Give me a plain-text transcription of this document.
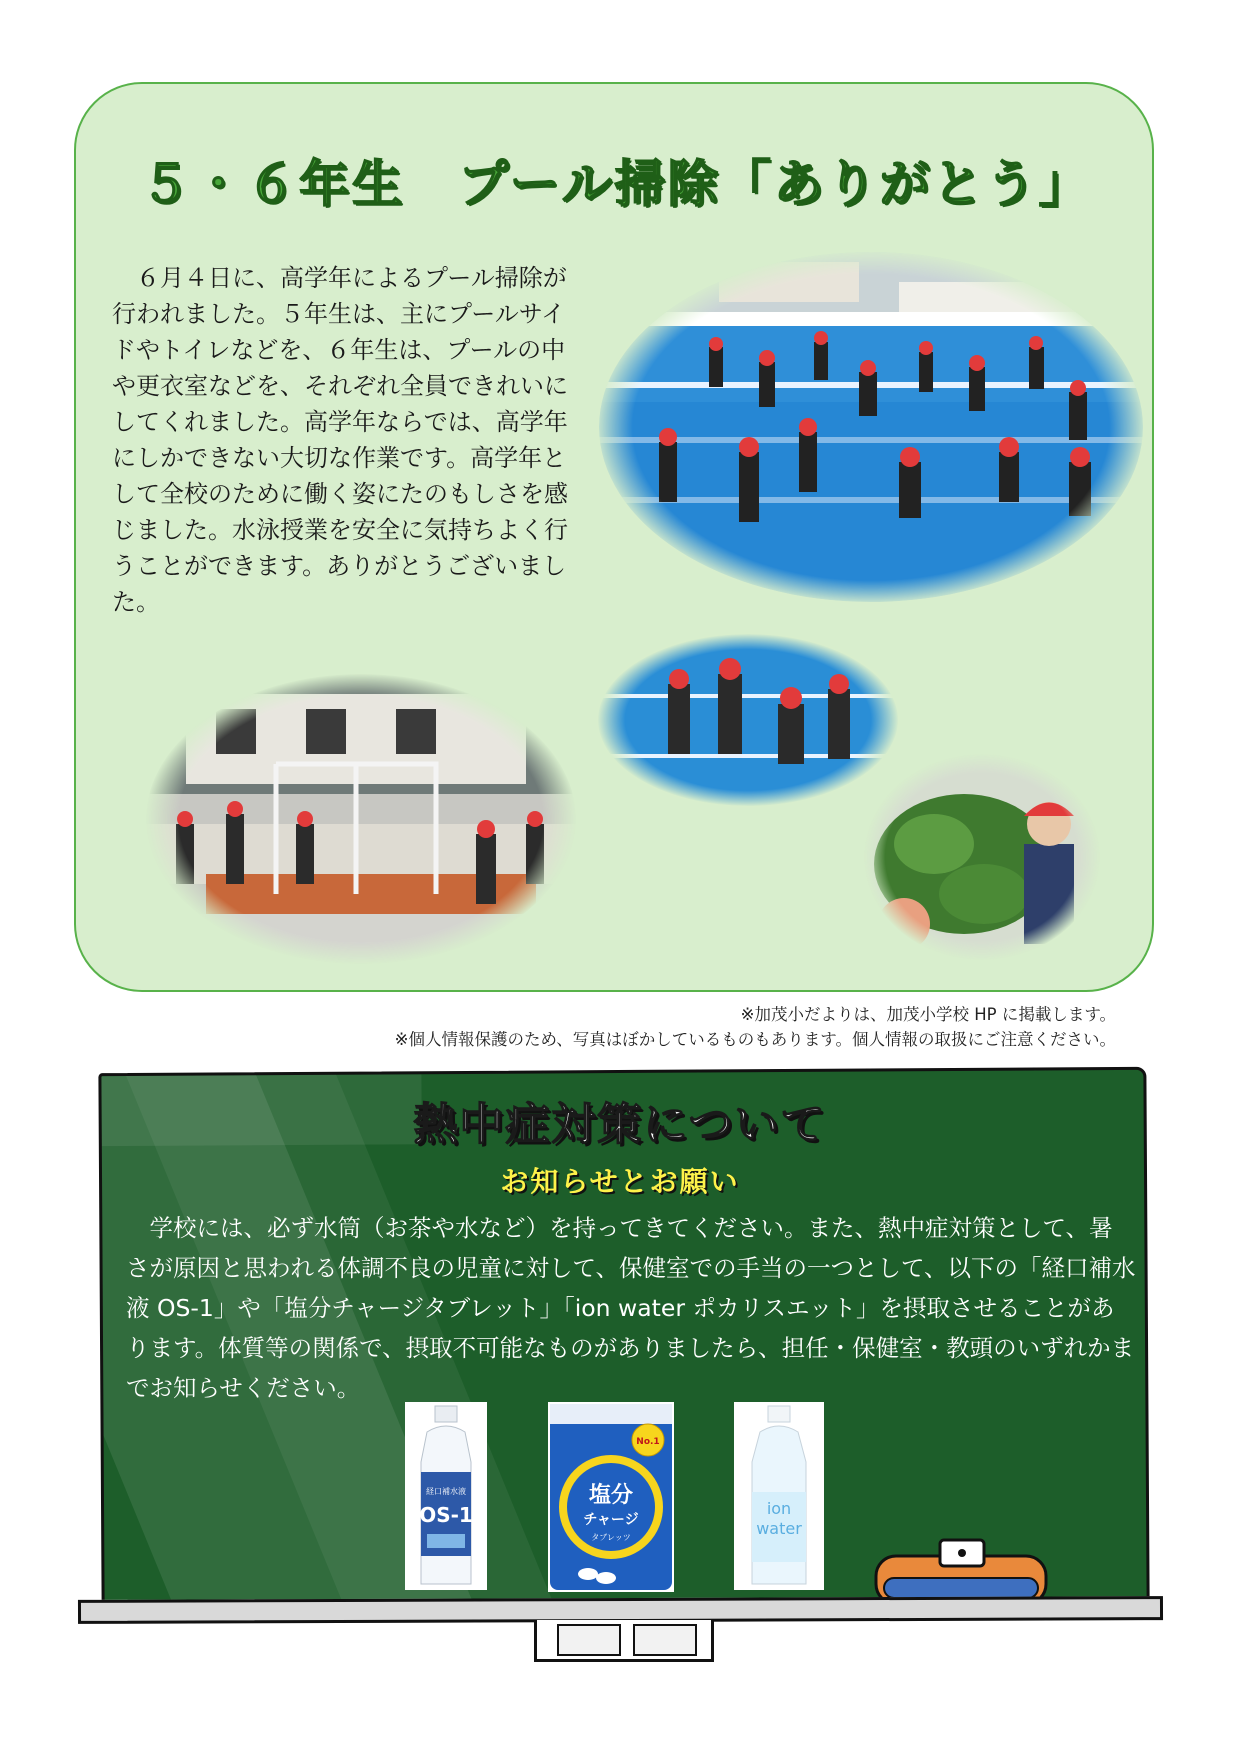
５・６年生　プール掃除「ありがとう」

６月４日に、高学年によるプール掃除が行われました。５年生は、主にプールサイドやトイレなどを、６年生は、プールの中や更衣室などを、それぞれ全員できれいにしてくれました。高学年ならでは、高学年にしかできない大切な作業です。高学年として全校のために働く姿にたのもしさを感じました。水泳授業を安全に気持ちよく行うことができます。ありがとうございました。

※加茂小だよりは、加茂小学校 HP に掲載します。
※個人情報保護のため、写真はぼかしているものもあります。個人情報の取扱にご注意ください。
熱中症対策について
お知らせとお願い

学校には、必ず水筒（お茶や水など）を持ってきてください。また、熱中症対策として、暑さが原因と思われる体調不良の児童に対して、保健室での手当の一つとして、以下の「経口補水液 OS-1」や「塩分チャージタブレット」「ion water ポカリスエット」を摂取させることがあります。体質等の関係で、摂取不可能なものがありましたら、担任・保健室・教頭のいずれかまでお知らせください。

経口補水液
OS-1
No.1
塩分
チャージ
タブレッツ
ion
water
